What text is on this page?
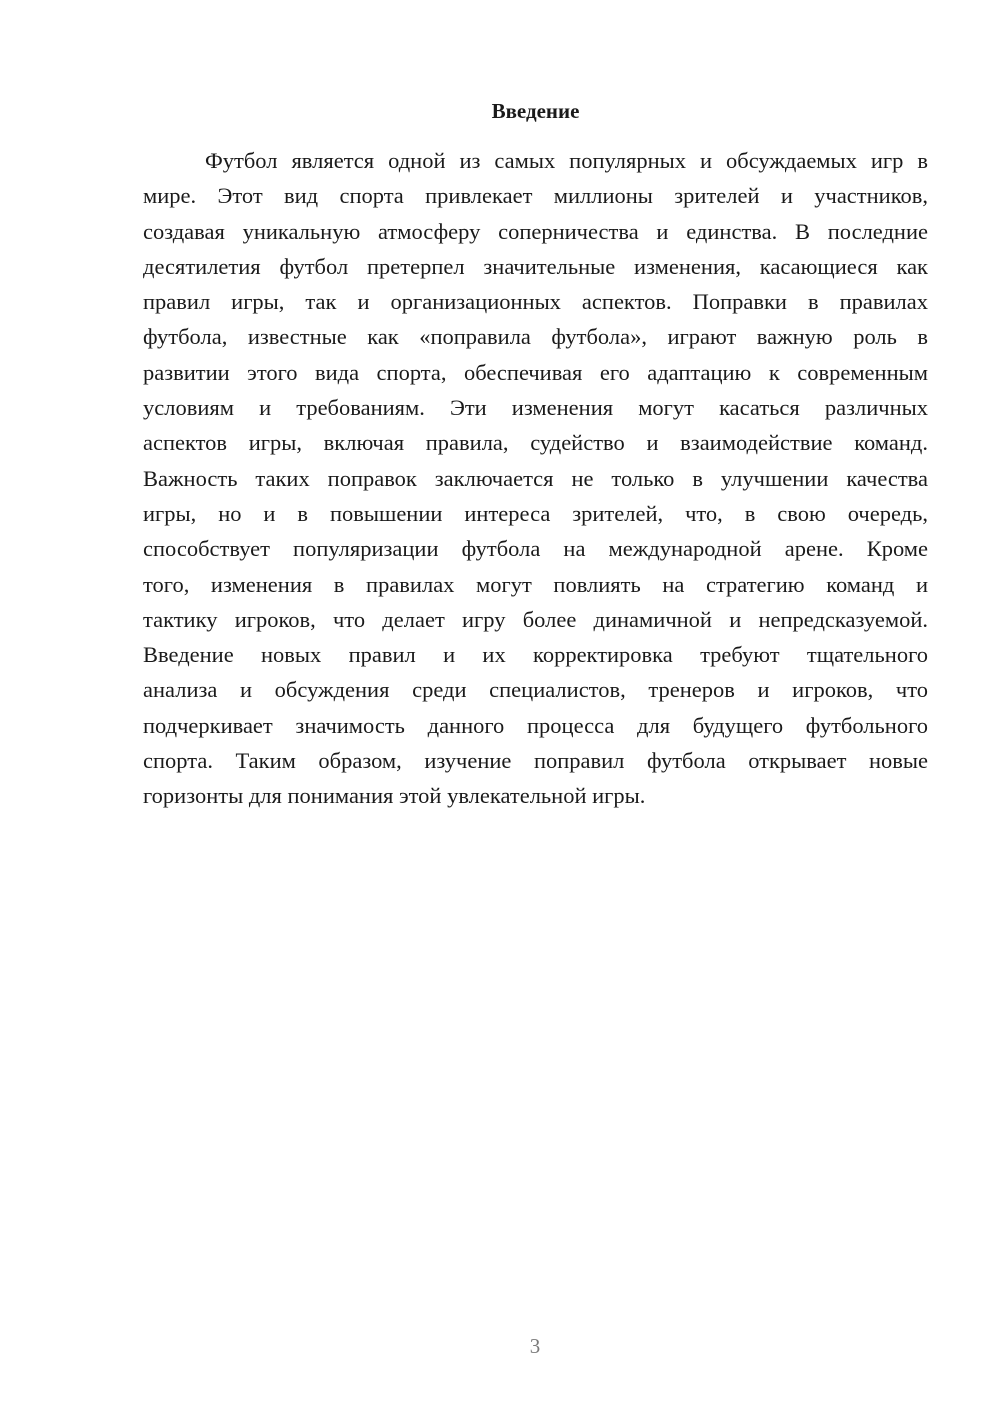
Введение
Футбол является одной из самых популярных и обсуждаемых игр в
мире. Этот вид спорта привлекает миллионы зрителей и участников,
создавая уникальную атмосферу соперничества и единства. В последние
десятилетия футбол претерпел значительные изменения, касающиеся как
правил игры, так и организационных аспектов. Поправки в правилах
футбола, известные как «поправила футбола», играют важную роль в
развитии этого вида спорта, обеспечивая его адаптацию к современным
условиям и требованиям. Эти изменения могут касаться различных
аспектов игры, включая правила, судейство и взаимодействие команд.
Важность таких поправок заключается не только в улучшении качества
игры, но и в повышении интереса зрителей, что, в свою очередь,
способствует популяризации футбола на международной арене. Кроме
того, изменения в правилах могут повлиять на стратегию команд и
тактику игроков, что делает игру более динамичной и непредсказуемой.
Введение новых правил и их корректировка требуют тщательного
анализа и обсуждения среди специалистов, тренеров и игроков, что
подчеркивает значимость данного процесса для будущего футбольного
спорта. Таким образом, изучение поправил футбола открывает новые
горизонты для понимания этой увлекательной игры.
3
